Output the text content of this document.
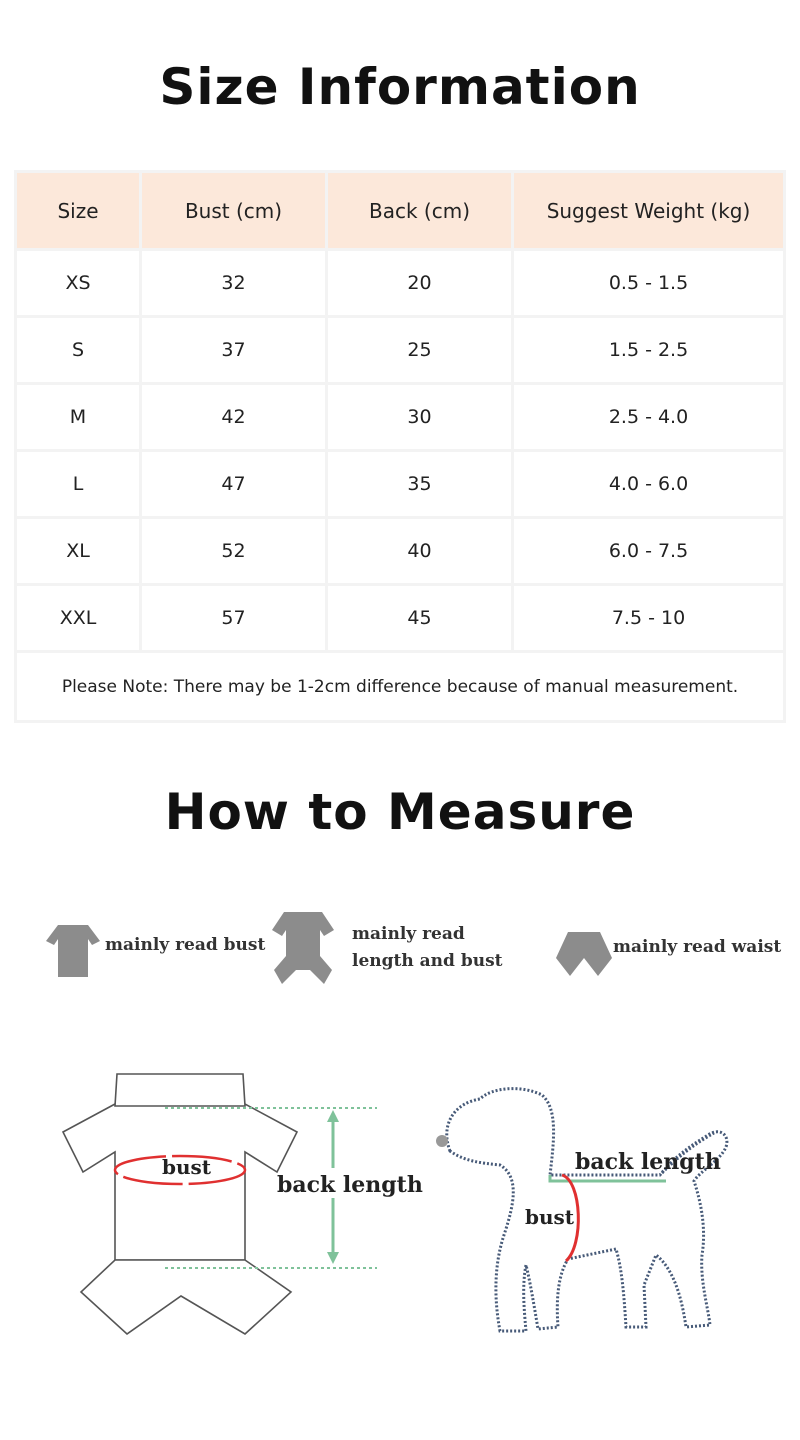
Size Information
Size	Bust (cm)	Back (cm)	Suggest Weight (kg)
XS	32	20	0.5 - 1.5
S	37	25	1.5 - 2.5
M	42	30	2.5 - 4.0
L	47	35	4.0 - 6.0
XL	52	40	6.0 - 7.5
XXL	57	45	7.5 - 10
Please Note: There may be 1-2cm difference because of manual measurement.			
How to Measure
mainly read bust
mainly read
length and bust
mainly read waist
bust
back length
back length
bust
